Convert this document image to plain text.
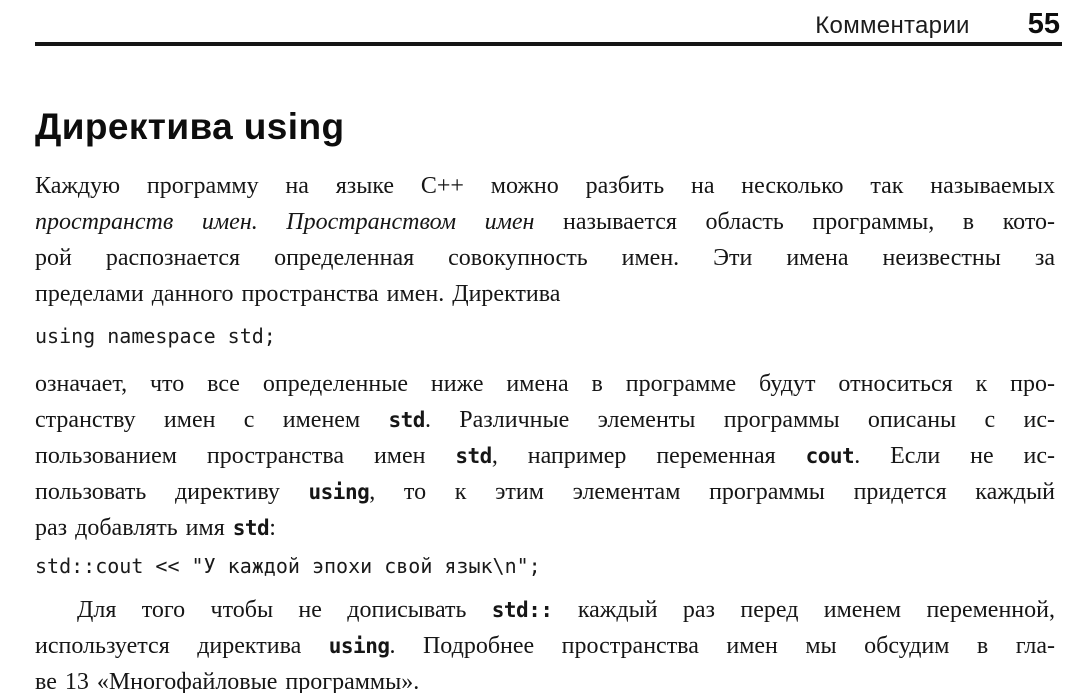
Комментарии 55
Директива using

Каждую программу на языке C++ можно разбить на несколько так называемых
пространств имен. Пространством имен называется область программы, в кото-
рой распознается определенная совокупность имен. Эти имена неизвестны за
пределами данного пространства имен. Директива

using namespace std;

означает, что все определенные ниже имена в программе будут относиться к про-
странству имен с именем std. Различные элементы программы описаны с ис-
пользованием пространства имен std, например переменная cout. Если не ис-
пользовать директиву using, то к этим элементам программы придется каждый
раз добавлять имя std:

std::cout << "У каждой эпохи свой язык\n";

Для того чтобы не дописывать std:: каждый раз перед именем переменной,
используется директива using. Подробнее пространства имен мы обсудим в гла-
ве 13 «Многофайловые программы».
